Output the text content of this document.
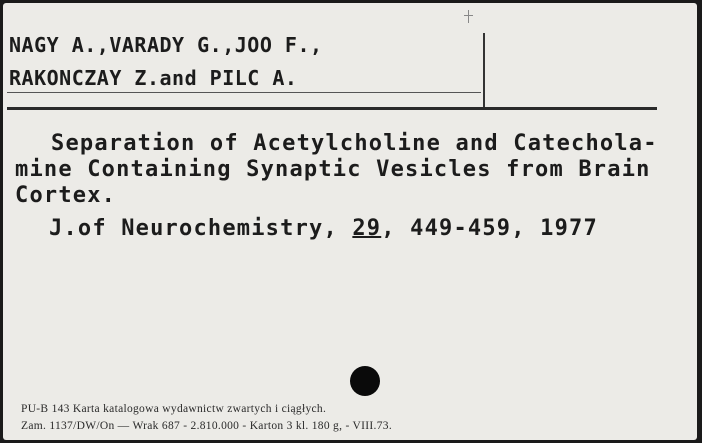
NAGY A.,VARADY G.,JOO F.,
RAKONCZAY Z.and PILC A.
Separation of Acetylcholine and Catechola-
mine Containing Synaptic Vesicles from Brain
Cortex.
J.of Neurochemistry, 29, 449-459, 1977
PU-B 143 Karta katalogowa wydawnictw zwartych i ciągłych.
Zam. 1137/DW/On — Wrak 687 - 2.810.000 - Karton 3 kl. 180 g, - VIII.73.
